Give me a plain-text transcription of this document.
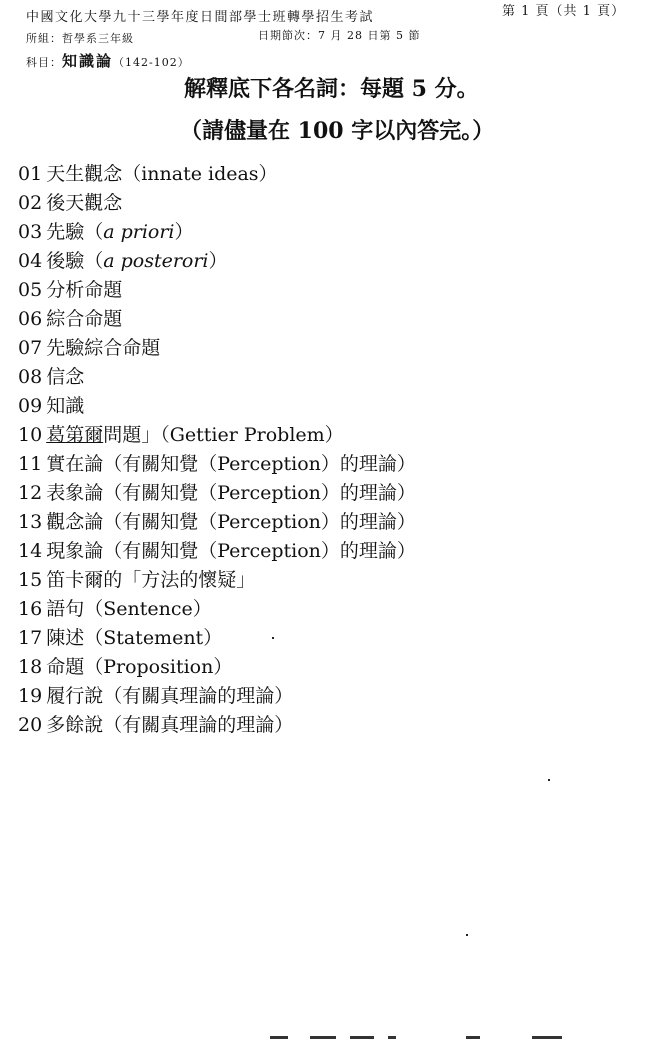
中國文化大學九十三學年度日間部學士班轉學招生考試	第 1 頁（共 1 頁）
所組：哲學系三年級	日期節次：7 月 28 日第 5 節
科目：知識論（142-102）
解釋底下各名詞：每題 5 分。
（請儘量在 100 字以內答完。）
01 天生觀念（innate ideas）
02 後天觀念
03 先驗（a priori）
04 後驗（a posterori）
05 分析命題
06 綜合命題
07 先驗綜合命題
08 信念
09 知識
10 葛第爾問題」（Gettier Problem）
11 實在論（有關知覺（Perception）的理論）
12 表象論（有關知覺（Perception）的理論）
13 觀念論（有關知覺（Perception）的理論）
14 現象論（有關知覺（Perception）的理論）
15 笛卡爾的「方法的懷疑」
16 語句（Sentence）
17 陳述（Statement）
18 命題（Proposition）
19 履行說（有關真理論的理論）
20 多餘說（有關真理論的理論）
